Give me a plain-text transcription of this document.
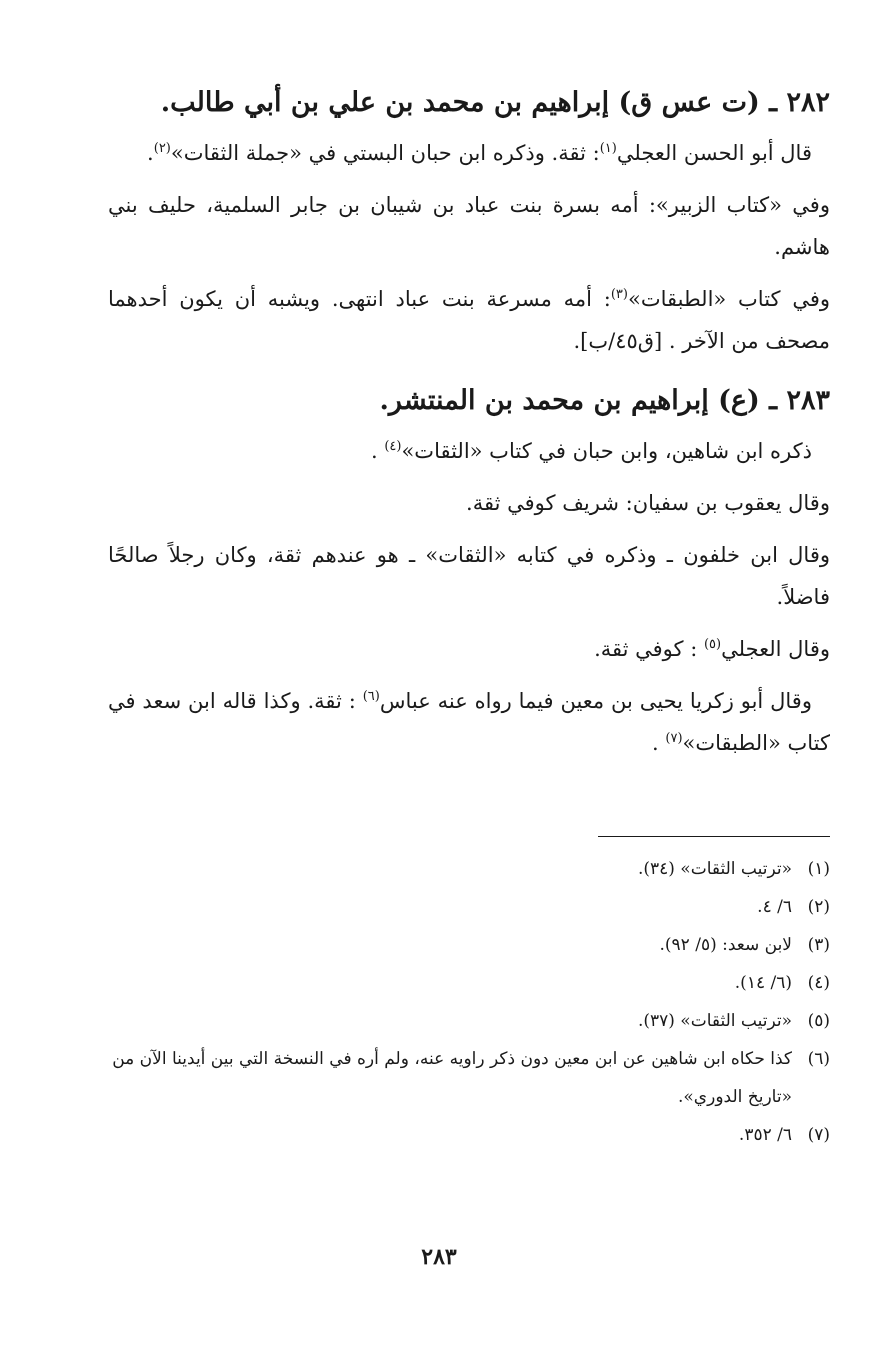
٢٨٢ ـ (ت عس ق) إبراهيم بن محمد بن علي بن أبي طالب.
قال أبو الحسن العجلي$^{(١)}$: ثقة. وذكره ابن حبان البستي في «جملة الثقات»$^{(٢)}$.
وفي «كتاب الزبير»: أمه بسرة بنت عباد بن شيبان بن جابر السلمية، حليف بني هاشم.
وفي كتاب «الطبقات»$^{(٣)}$: أمه مسرعة بنت عباد انتهى. ويشبه أن يكون أحدهما مصحف من الآخر . [ق٤٥/ب].
٢٨٣ ـ (ع) إبراهيم بن محمد بن المنتشر.
ذكره ابن شاهين، وابن حبان في كتاب «الثقات»$^{(٤)}$ .
وقال يعقوب بن سفيان: شريف كوفي ثقة.
وقال ابن خلفون ـ وذكره في كتابه «الثقات» ـ هو عندهم ثقة، وكان رجلاً صالحًا فاضلاً.
وقال العجلي$^{(٥)}$ : كوفي ثقة.
وقال أبو زكريا يحيى بن معين فيما رواه عنه عباس$^{(٦)}$ : ثقة. وكذا قاله ابن سعد في كتاب «الطبقات»$^{(٧)}$ .
(١)
«ترتيب الثقات» (٣٤).
(٢)
٦/ ٤.
(٣)
لابن سعد: (٥/ ٩٢).
(٤)
(٦/ ١٤).
(٥)
«ترتيب الثقات» (٣٧).
(٦)
كذا حكاه ابن شاهين عن ابن معين دون ذكر راويه عنه، ولم أره في النسخة التي بين أيدينا الآن من «تاريخ الدوري».
(٧)
٦/ ٣٥٢.
٢٨٣
